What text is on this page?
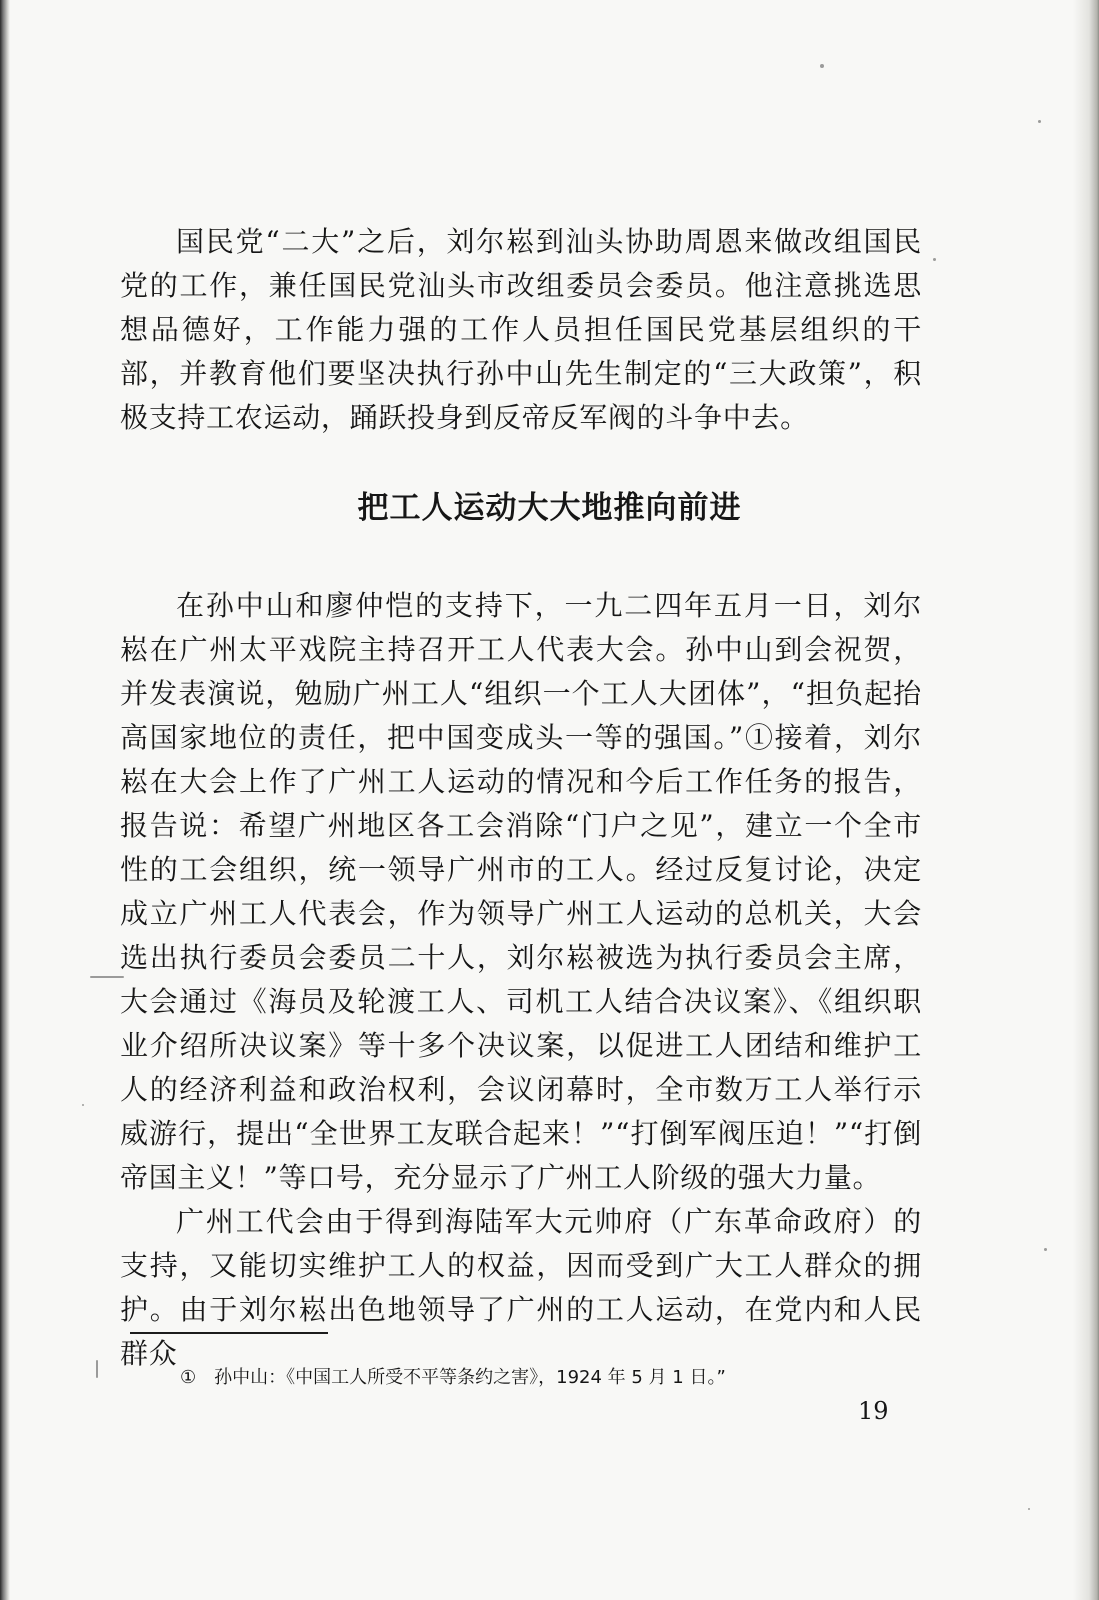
国民党“二大”之后，刘尔崧到汕头协助周恩来做改组国民党的工作，兼任国民党汕头市改组委员会委员。他注意挑选思想品德好，工作能力强的工作人员担任国民党基层组织的干部，并教育他们要坚决执行孙中山先生制定的“三大政策”，积极支持工农运动，踊跃投身到反帝反军阀的斗争中去。

把工人运动大大地推向前进

在孙中山和廖仲恺的支持下，一九二四年五月一日，刘尔崧在广州太平戏院主持召开工人代表大会。孙中山到会祝贺，并发表演说，勉励广州工人“组织一个工人大团体”，“担负起抬高国家地位的责任，把中国变成头一等的强国。”①接着，刘尔崧在大会上作了广州工人运动的情况和今后工作任务的报告，报告说：希望广州地区各工会消除“门户之见”，建立一个全市性的工会组织，统一领导广州市的工人。经过反复讨论，决定成立广州工人代表会，作为领导广州工人运动的总机关，大会选出执行委员会委员二十人，刘尔崧被选为执行委员会主席，大会通过《海员及轮渡工人、司机工人结合决议案》、《组织职业介绍所决议案》等十多个决议案，以促进工人团结和维护工人的经济利益和政治权利，会议闭幕时，全市数万工人举行示威游行，提出“全世界工友联合起来！”“打倒军阀压迫！”“打倒帝国主义！”等口号，充分显示了广州工人阶级的强大力量。

广州工代会由于得到海陆军大元帅府（广东革命政府）的支持，又能切实维护工人的权益，因而受到广大工人群众的拥护。由于刘尔崧出色地领导了广州的工人运动，在党内和人民群众

①　孙中山：《中国工人所受不平等条约之害》，1924 年 5 月 1 日。”
19
